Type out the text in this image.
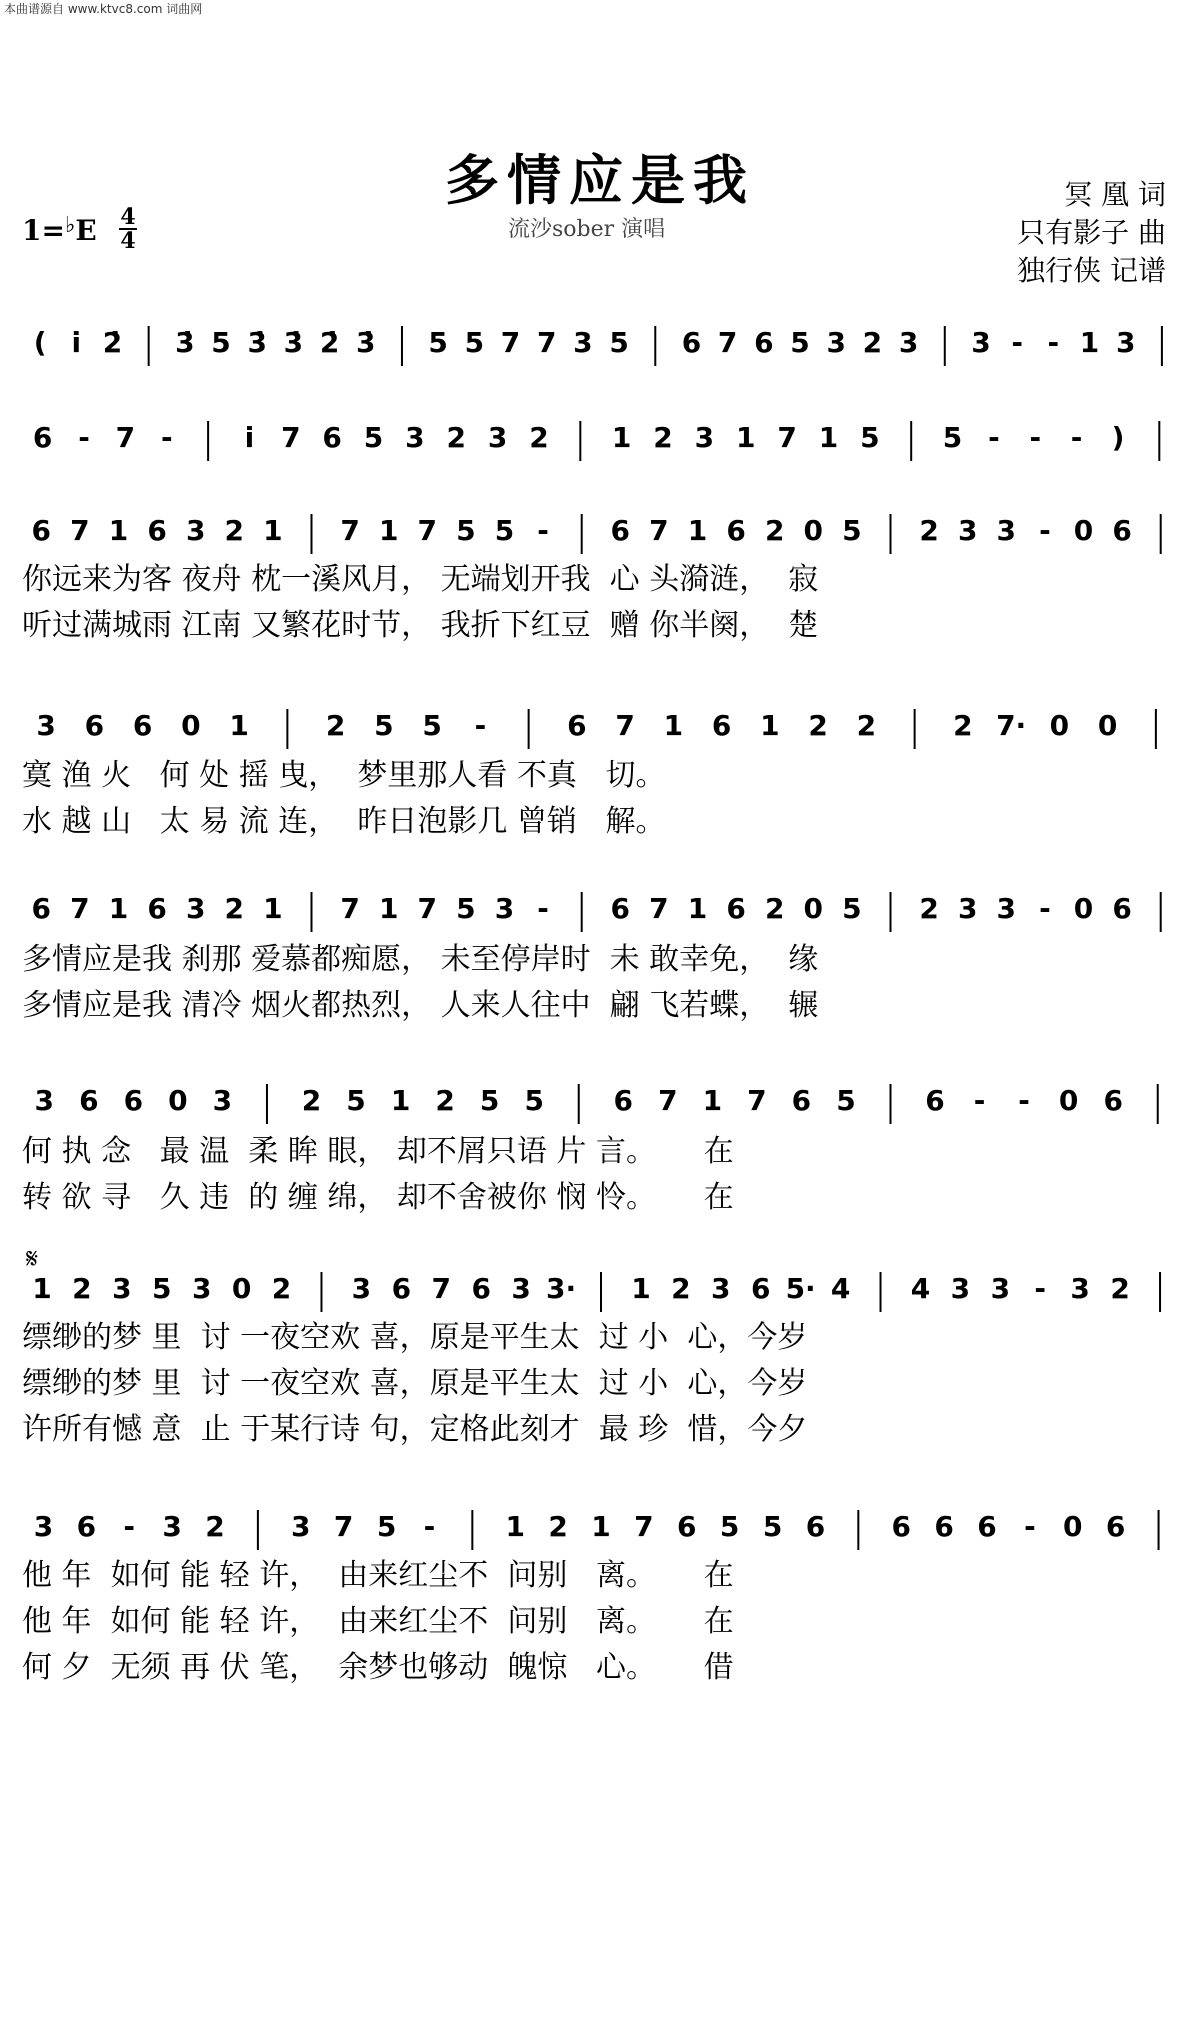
本曲谱源自 www.ktvc8.com 词曲网
多情应是我
流沙sober 演唱
1=♭E 4
4
冥 凰 词
只有影子 曲
独行侠 记谱
𝄋
( i̇ 2̇ 3̇ 5 3̇ 3̇ 2̇ 3̇ 5 5 7 7 3 5 6 7 6 5 3 2 3 3 - - 1 3
6 - 7 -	i̇ 7 6 5 3 2 3 2 1 2 3 1 7 1 5 5 - - - )
6 7 1 6 3 2 1 7 1 7 5 5 - 6 7 1 6 2 0 5 2 3 3 - 0 6
3 6 6 0 1	2 5 5 -	6 7 1 6 1 2 2	2 7· 0 0
6 7 1 6 3 2 1 7 1 7 5 3 - 6 7 1 6 2 0 5 2 3 3 - 0 6
3 6 6 0 3 2 5 1 2 5 5 6 7 1 7 6 5 6 - - 0 6
1 2 3 5 3 0 2 3 6 7 6 3 3· 1 2 3 6 5· 4 4 3 3 - 3 2
3 6 - 3 2 3 7 5 -	1 2 1 7 6 5 5 6 6 6 6 - 0 6
你远来为客 夜舟 枕一溪风月， 无端划开我  心 头漪涟，  寂
听过满城雨 江南 又繁花时节， 我折下红豆  赠 你半阕，  楚
寞 渔 火   何 处 摇 曳，  梦里那人看 不真   切。
水 越 山   太 易 流 连，  昨日泡影几 曾销   解。
多情应是我 刹那 爱慕都痴愿， 未至停岸时  未 敢幸免，  缘
多情应是我 清冷 烟火都热烈， 人来人往中  翩 飞若蝶，  辗
何 执 念   最 温  柔 眸 眼， 却不屑只语 片 言。     在
转 欲 寻   久 违  的 缠 绵， 却不舍被你 悯 怜。     在
缥缈的梦 里  讨 一夜空欢 喜，原是平生太  过 小  心，今岁
缥缈的梦 里  讨 一夜空欢 喜，原是平生太  过 小  心，今岁
许所有憾 意  止 于某行诗 句，定格此刻才  最 珍  惜，今夕
他 年  如何 能 轻 许，  由来红尘不  问别   离。     在
他 年  如何 能 轻 许，  由来红尘不  问别   离。     在
何 夕  无须 再 伏 笔，  余梦也够动  魄惊   心。     借
